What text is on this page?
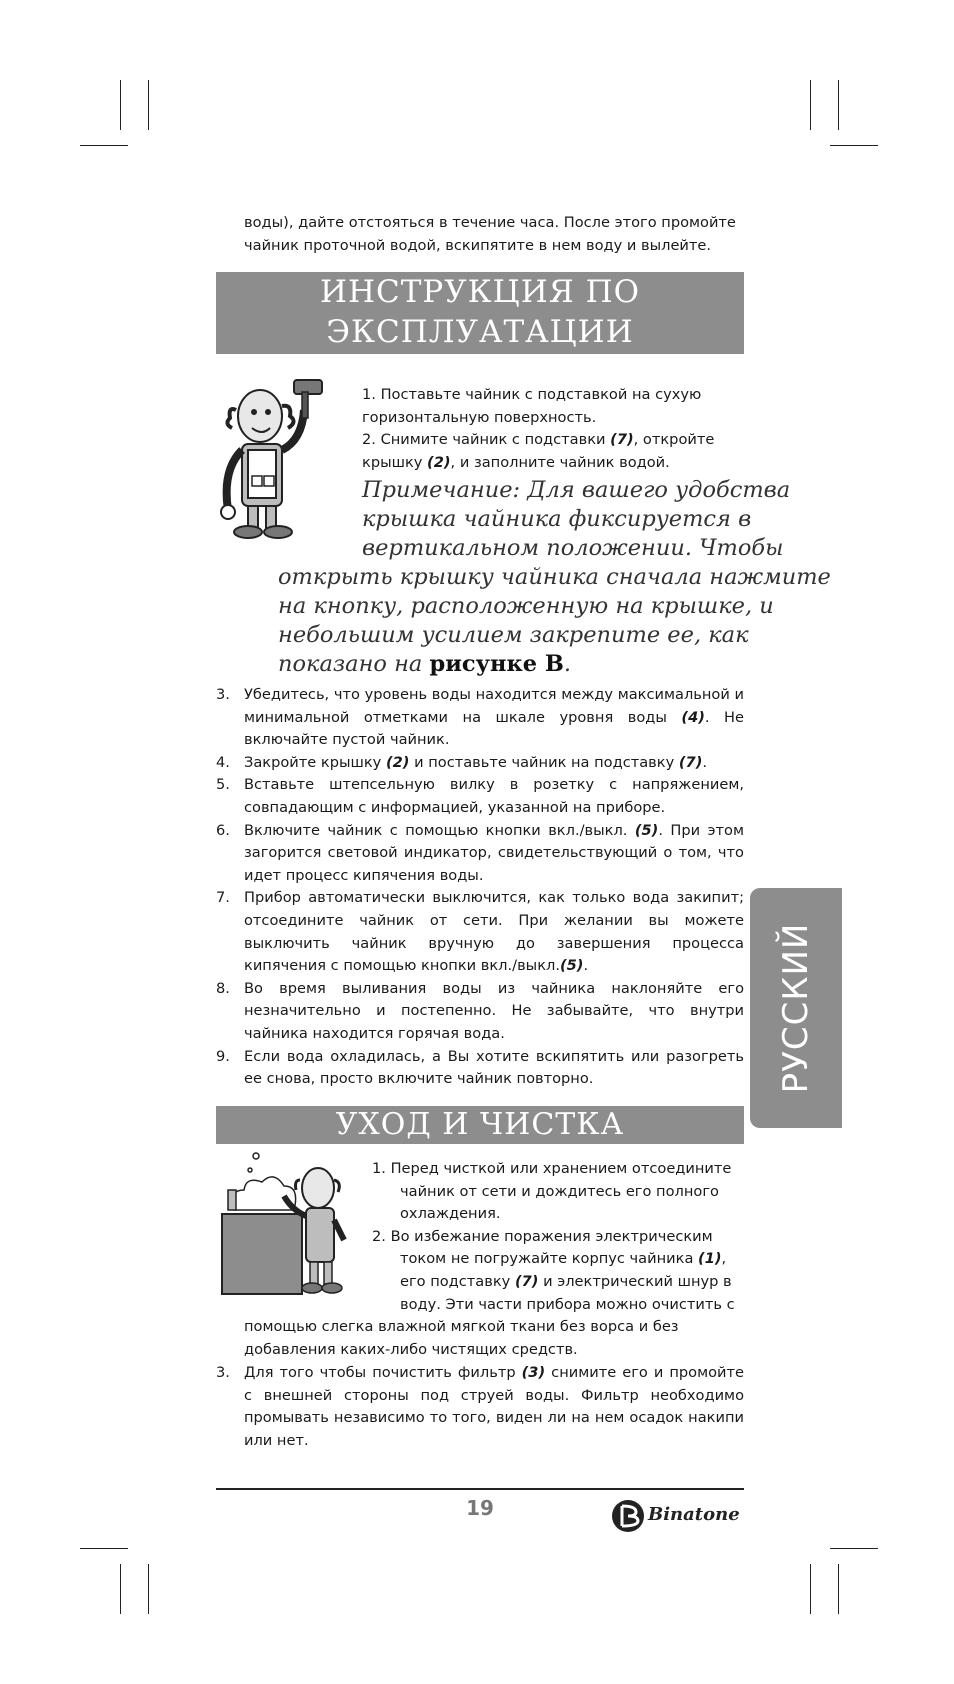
воды), дайте отстояться в течение часа. После этого промойте
чайник проточной водой, вскипятите в нем воду и вылейте.
ИНСТРУКЦИЯ ПО
ЭКСПЛУАТАЦИИ
1. Поставьте чайник с подставкой на сухую
горизонтальную поверхность.
2. Снимите чайник с подставки (7), откройте
крышку (2), и заполните чайник водой.
Примечание: Для вашего удобства
крышка чайника фиксируется в
вертикальном положении. Чтобы
открыть крышку чайника сначала нажмите
на кнопку, расположенную на крышке, и
небольшим усилием закрепите ее, как
показано на рисунке В.
3. Убедитесь, что уровень воды находится между максимальной и минимальной отметками на шкале уровня воды (4). Не включайте пустой чайник.
4. Закройте крышку (2) и поставьте чайник на подставку (7).
5. Вставьте штепсельную вилку в розетку с напряжением, совпадающим с информацией, указанной на приборе.
6. Включите чайник с помощью кнопки вкл./выкл. (5). При этом загорится световой индикатор, свидетельствующий о том, что идет процесс кипячения воды.
7. Прибор автоматически выключится, как только вода закипит; отсоедините чайник от сети. При желании вы можете выключить чайник вручную до завершения процесса кипячения с помощью кнопки вкл./выкл.(5).
8. Во время выливания воды из чайника наклоняйте его незначительно и постепенно. Не забывайте, что внутри чайника находится горячая вода.
9. Если вода охладилась, а Вы хотите вскипятить или разогреть ее снова, просто включите чайник повторно.	РУССКИЙ
УХОД И ЧИСТКА
1. Перед чисткой или хранением отсоедините
чайник от сети и дождитесь его полного
охлаждения.
2. Во избежание поражения электрическим
током не погружайте корпус чайника (1),
его подставку (7) и электрический шнур в
воду. Эти части прибора можно очистить с
помощью слегка влажной мягкой ткани без ворса и без
добавления каких-либо чистящих средств.
3. Для того чтобы почистить фильтр (3) снимите его и промойте с внешней стороны под струей воды. Фильтр необходимо промывать независимо то того, виден ли на нем осадок накипи или нет.
19	Binatone
